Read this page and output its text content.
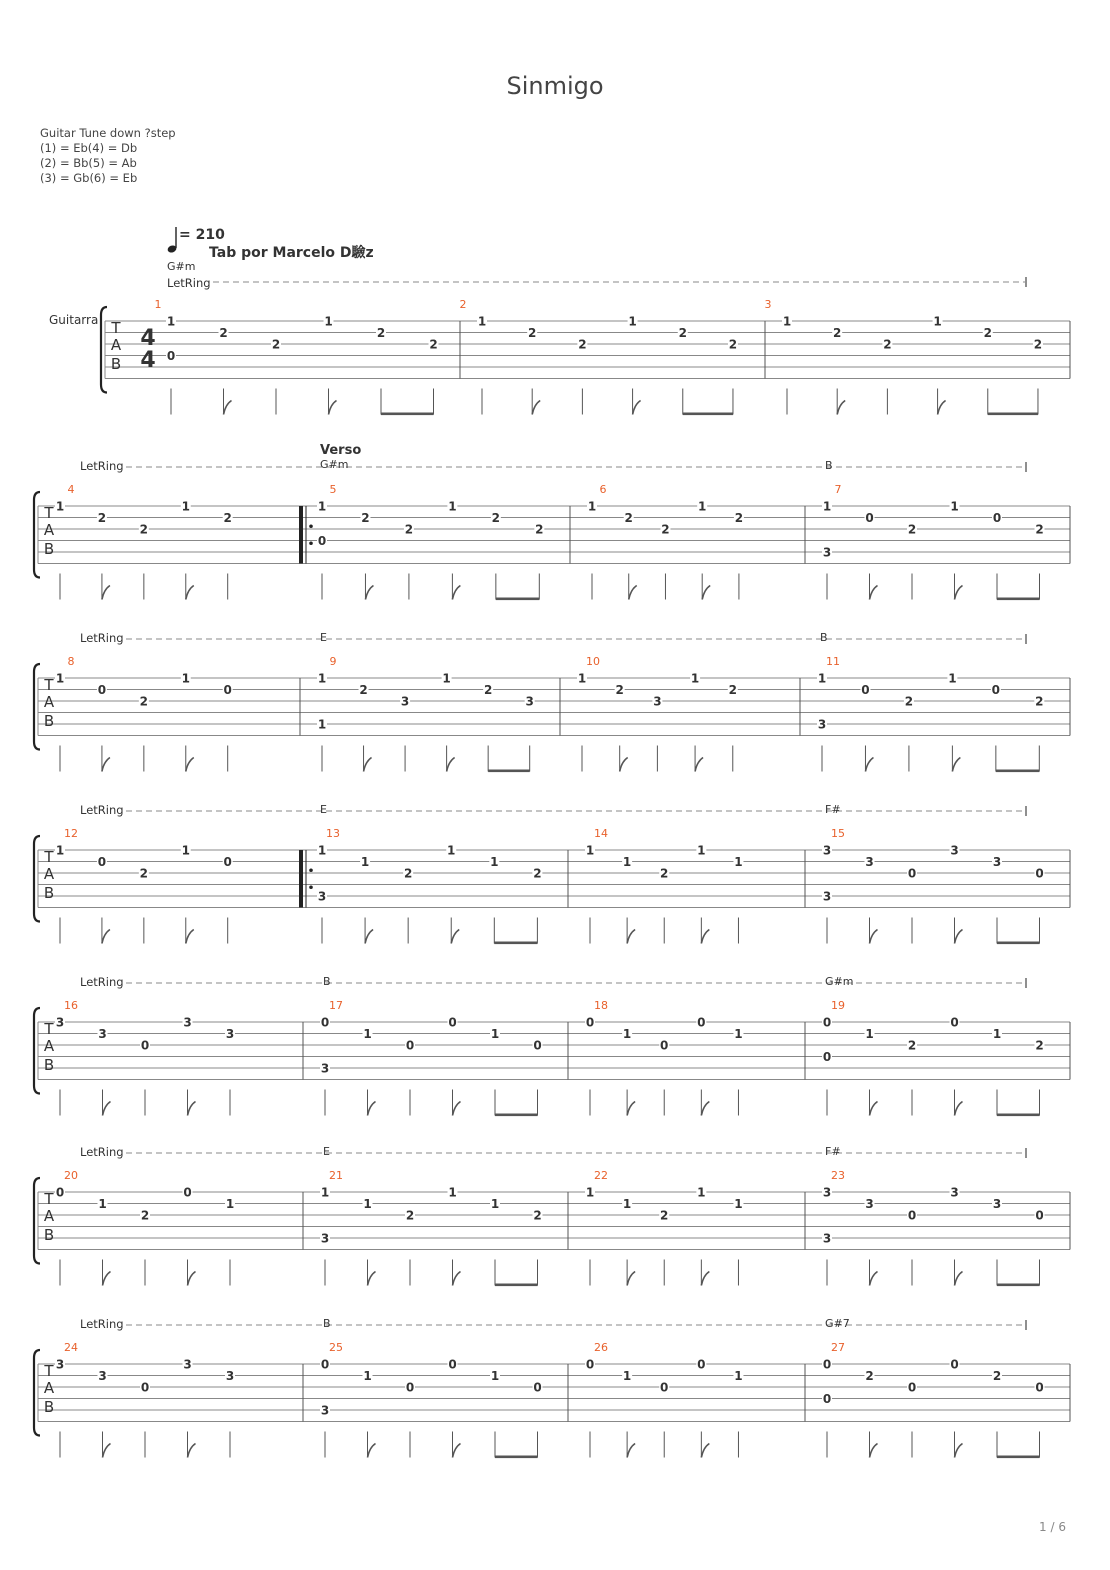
Sinmigo
Guitar Tune down ?step
(1) = Eb(4) = Db
(2) = Bb(5) = Ab
(3) = Gb(6) = Eb
T
A
B
LetRing
4
4
1
G#m
1
0
2
2
1
2
2
2
1
2
2
1
2
2
3
1
2
2
1
2
2
T
A
B
LetRing
4
1
2
2
1
2
5
Verso
G#m
1
0
2
2
1
2
2
6
1
2
2
1
2
7
B
1
3
0
2
1
0
2
T
A
B
LetRing
8
1
0
2
1
0
9
E
1
1
2
3
1
2
3
10
1
2
3
1
2
11
B
1
3
0
2
1
0
2
T
A
B
LetRing
12
1
0
2
1
0
13
E
1
3
1
2
1
1
2
14
1
1
2
1
1
15
F#
3
3
3
0
3
3
0
T
A
B
LetRing
16
3
3
0
3
3
17
B
0
3
1
0
0
1
0
18
0
1
0
0
1
19
G#m
0
0
1
2
0
1
2
T
A
B
LetRing
20
0
1
2
0
1
21
E
1
3
1
2
1
1
2
22
1
1
2
1
1
23
F#
3
3
3
0
3
3
0
T
A
B
LetRing
24
3
3
0
3
3
25
B
0
3
1
0
0
1
0
26
0
1
0
0
1
27
G#7
0
0
2
0
0
2
0
= 210
Tab por Marcelo D驗z
Guitarra
1 / 6
